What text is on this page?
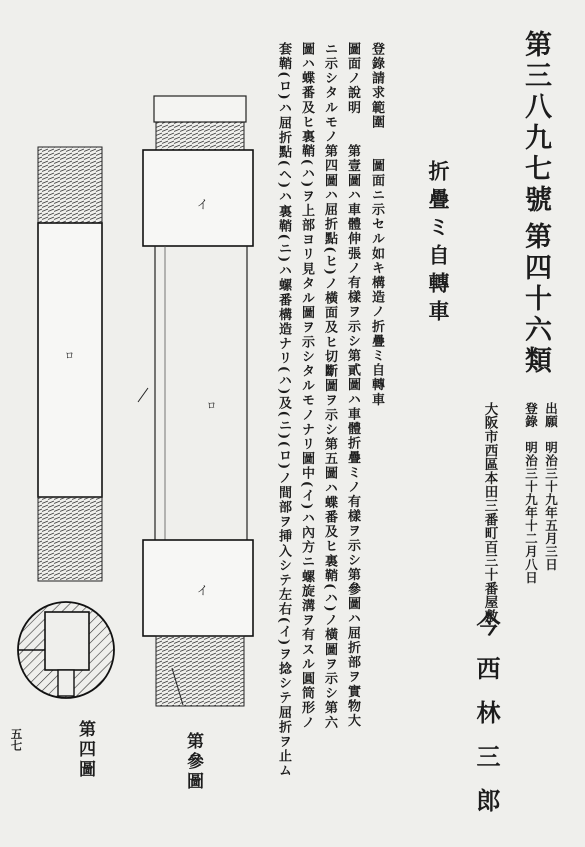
第三八九七號
第四十六類
出願　明治三十九年五月三日
登錄　明治三十九年十二月八日
大阪市西區本田三番町百三十番屋敷
今西林三郎
折疊ミ自轉車
登錄請求範圍　　圖面ニ示セル如キ構造ノ折疊ミ自轉車
圖面ノ說明　　第壹圖ハ車體伸張ノ有樣ヲ示シ第貳圖ハ車體折疊ミノ有樣ヲ示シ第參圖ハ屈折部ヲ實物大
ニ示シタルモノ第四圖ハ屈折點(ヒ)ノ橫面及ヒ切斷圖ヲ示シ第五圖ハ蝶番及ヒ裏鞘(ハ)ノ橫圖ヲ示シ第六
圖ハ蝶番及ヒ裏鞘(ハ)ヲ上部ヨリ見タル圖ヲ示シタルモノナリ圖中(イ)ハ內方ニ螺旋溝ヲ有スル圓筒形ノ
套鞘(ロ)ハ屈折點(ヘ)ハ裏鞘(ニ)ハ螺番構造ナリ(ハ)及(ニ)(ロ)ノ間部ヲ挿入シテ左右(イ)ヲ捻シテ屈折ヲ止ム
イ
ロ
イ
ロ
第參圖
第四圖
五七
